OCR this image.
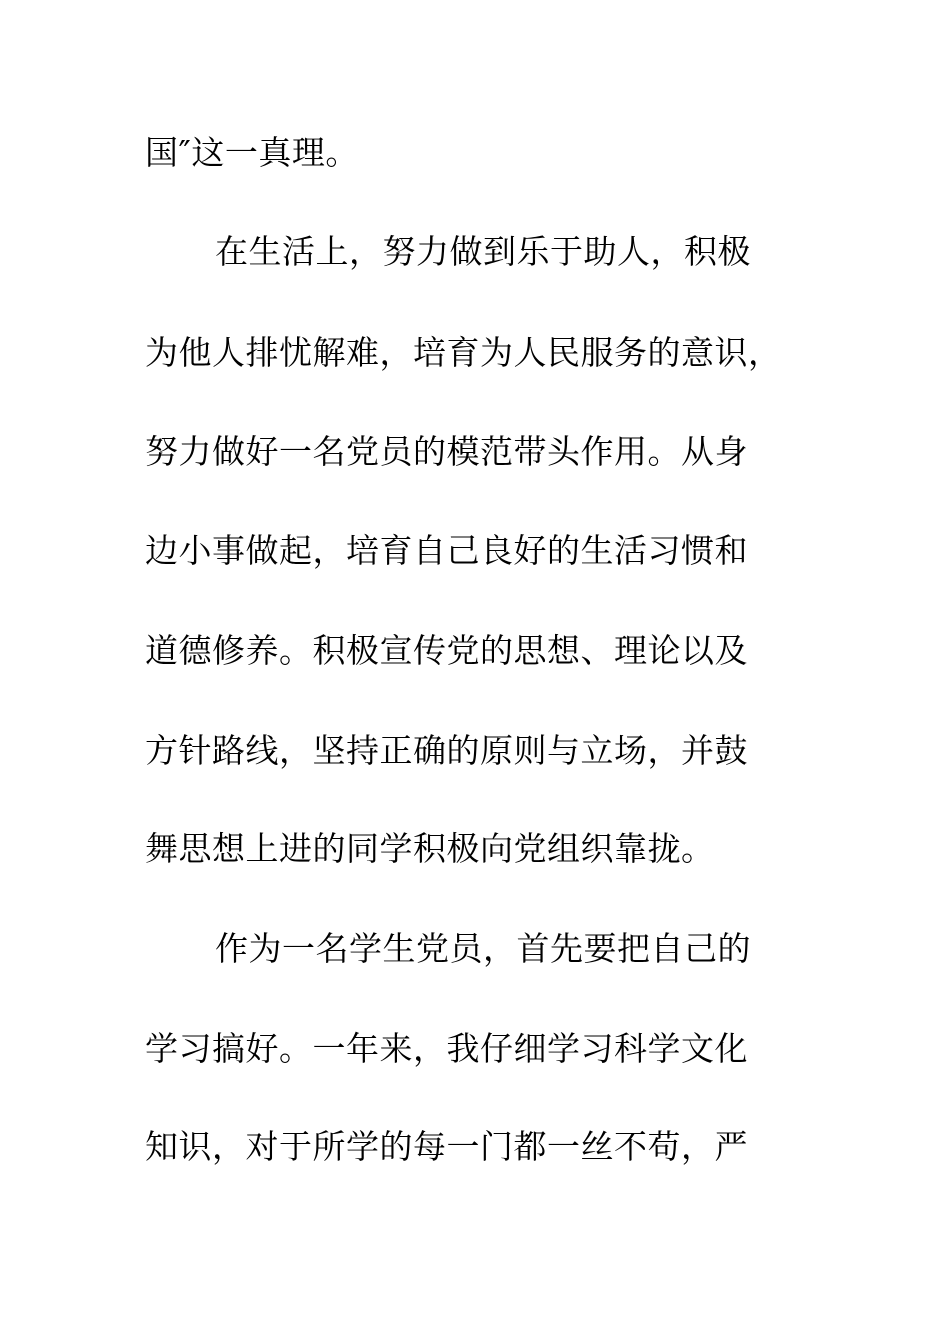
国″这一真理。
在生活上，努力做到乐于助人，积极
为他人排忧解难，培育为人民服务的意识，
努力做好一名党员的模范带头作用。从身
边小事做起，培育自己良好的生活习惯和
道德修养。积极宣传党的思想、理论以及
方针路线，坚持正确的原则与立场，并鼓
舞思想上进的同学积极向党组织靠拢。
作为一名学生党员，首先要把自己的
学习搞好。一年来，我仔细学习科学文化
知识，对于所学的每一门都一丝不苟，严
